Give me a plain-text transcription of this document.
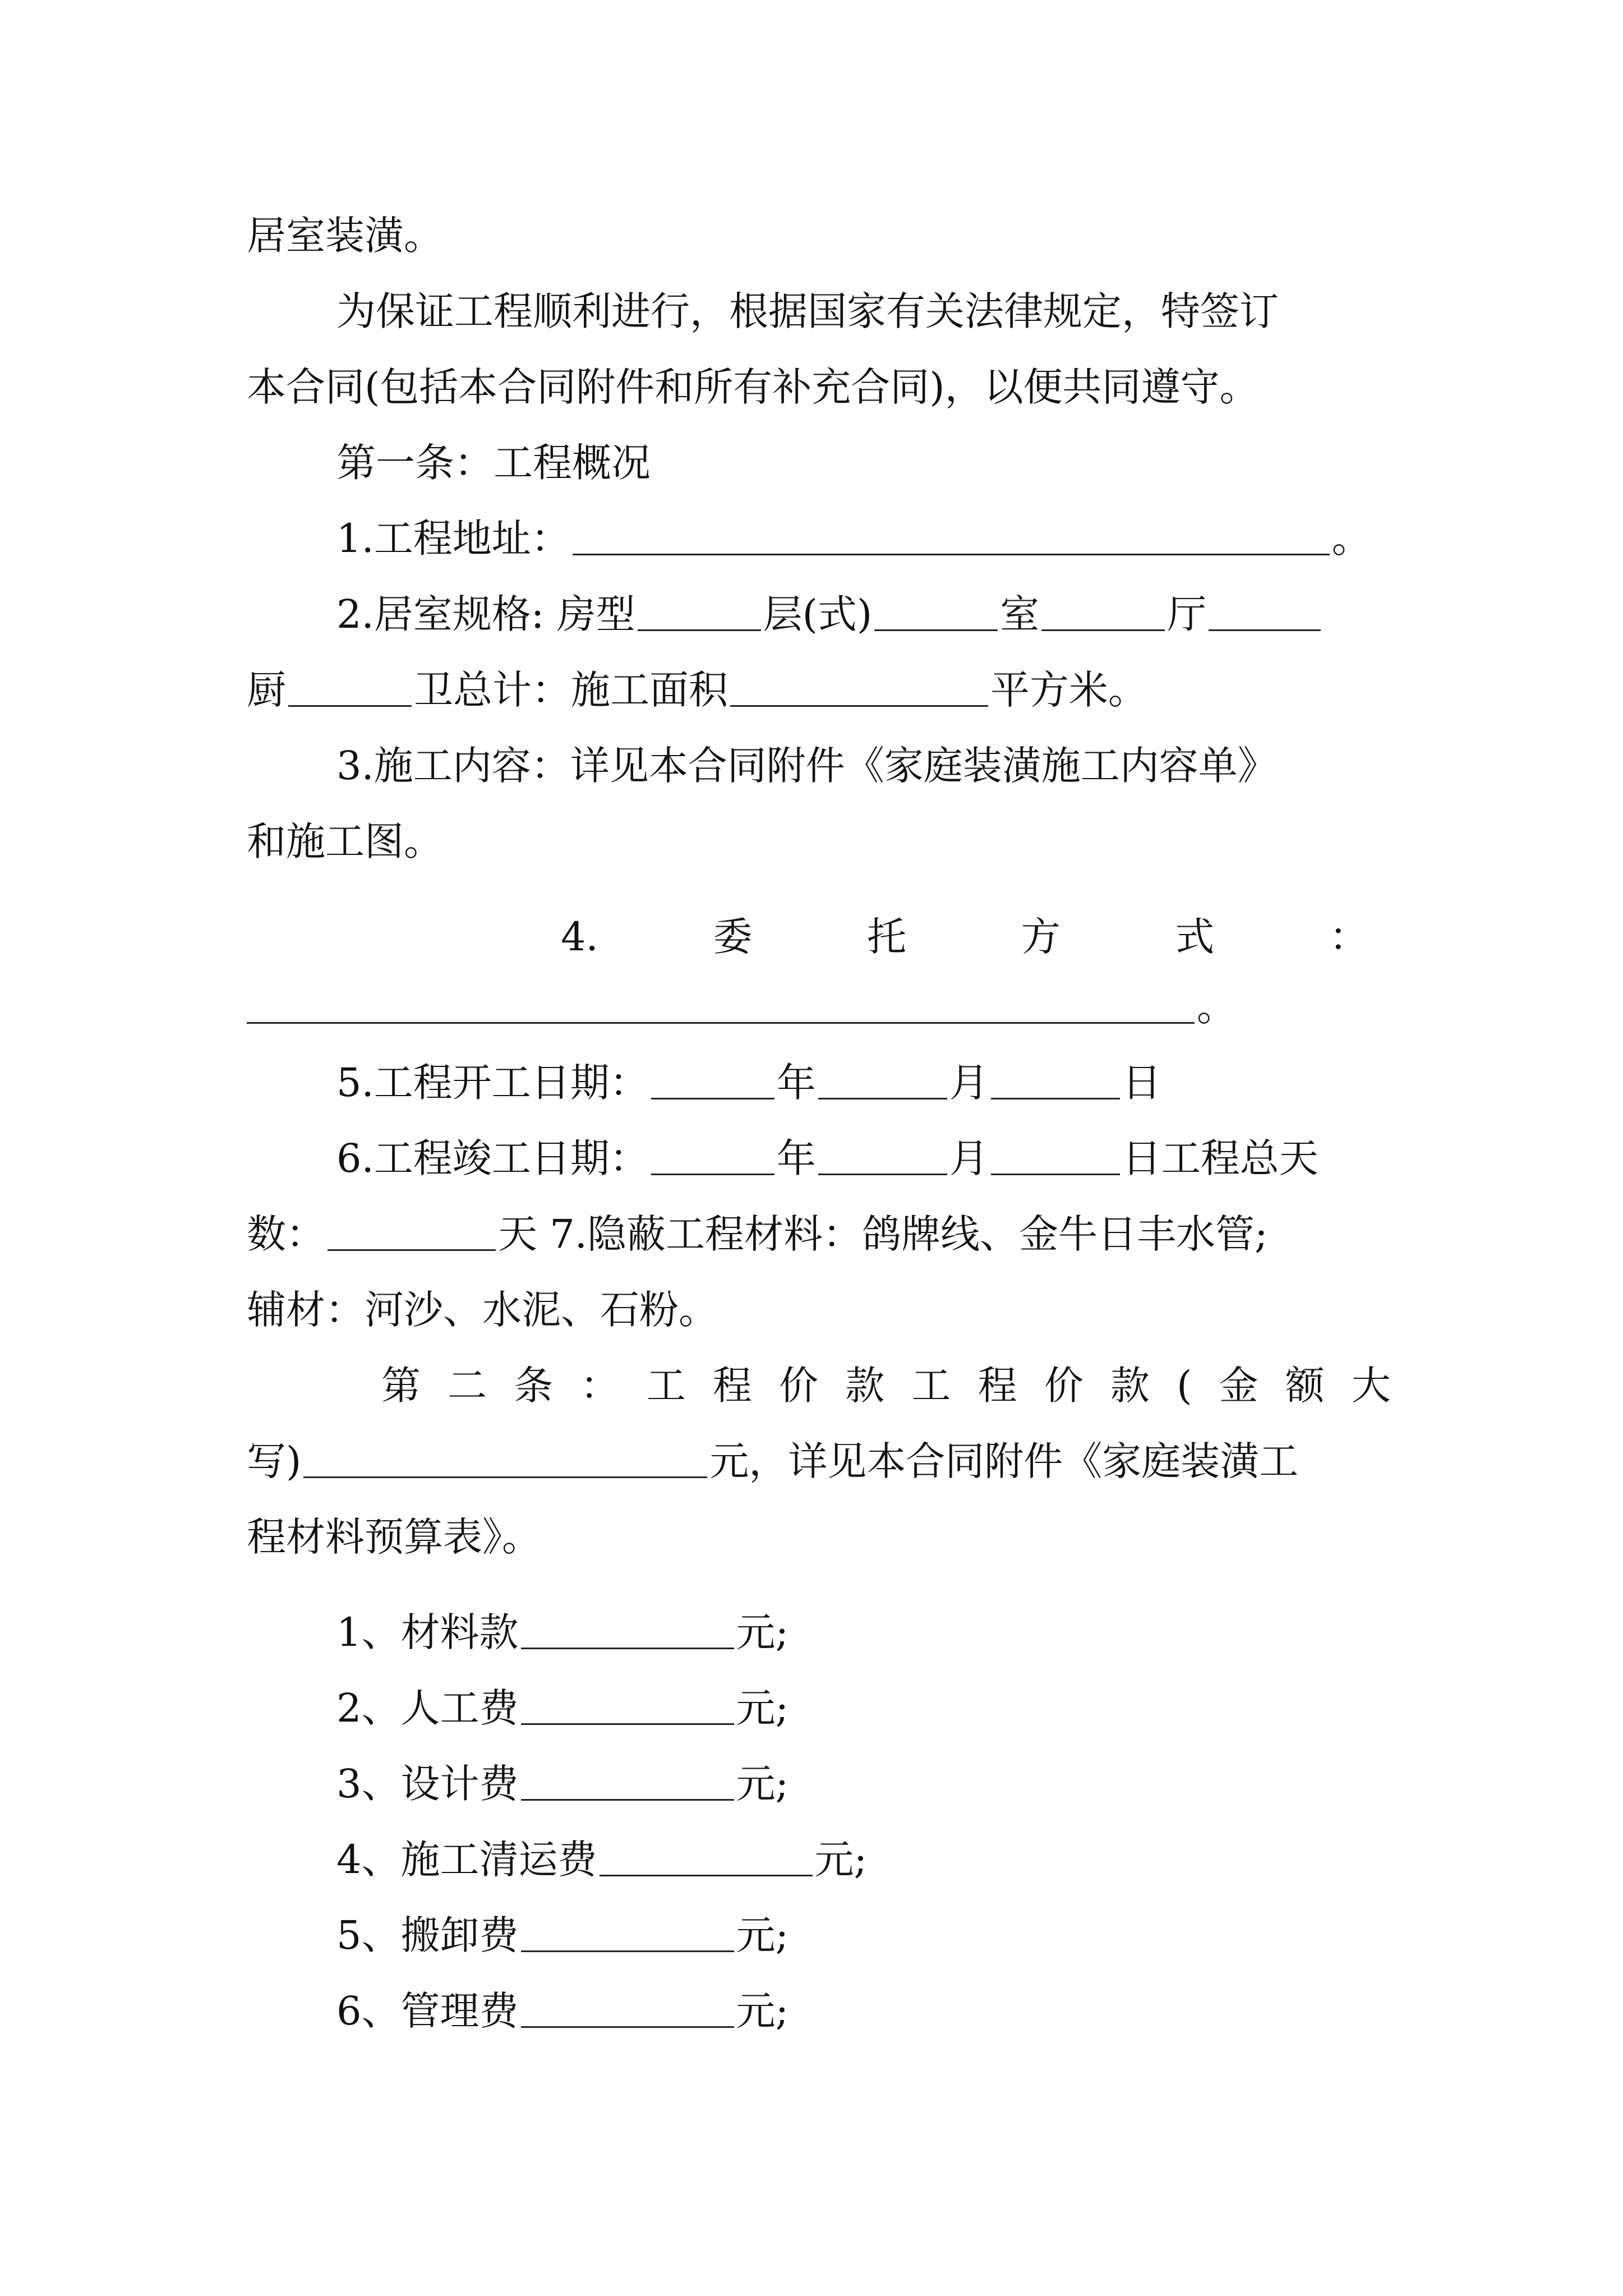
居室装潢。
为保证工程顺利进行，根据国家有关法律规定，特签订
本合同(包括本合同附件和所有补充合同)，以便共同遵守。
第一条：工程概况
1.工程地址：	。
2.居室规格: 房型	层(式)	室	厅
厨	卫总计：施工面积	平方米。
3.施工内容：详见本合同附件《家庭装潢施工内容单》
和施工图。
4.	委	托	方	式	：
。
5.工程开工日期：	年	月	日
6.工程竣工日期：	年	月	日工程总天
数：	天 7.隐蔽工程材料：鸽牌线、金牛日丰水管;
辅材：河沙、水泥、石粉。
第 二 条 ： 工 程 价 款 工 程 价 款 ( 金 额 大
写)	元，详见本合同附件《家庭装潢工
程材料预算表》。
1、材料款	元;
2、人工费	元;
3、设计费	元;
4、施工清运费	元;
5、搬卸费	元;
6、管理费	元;
